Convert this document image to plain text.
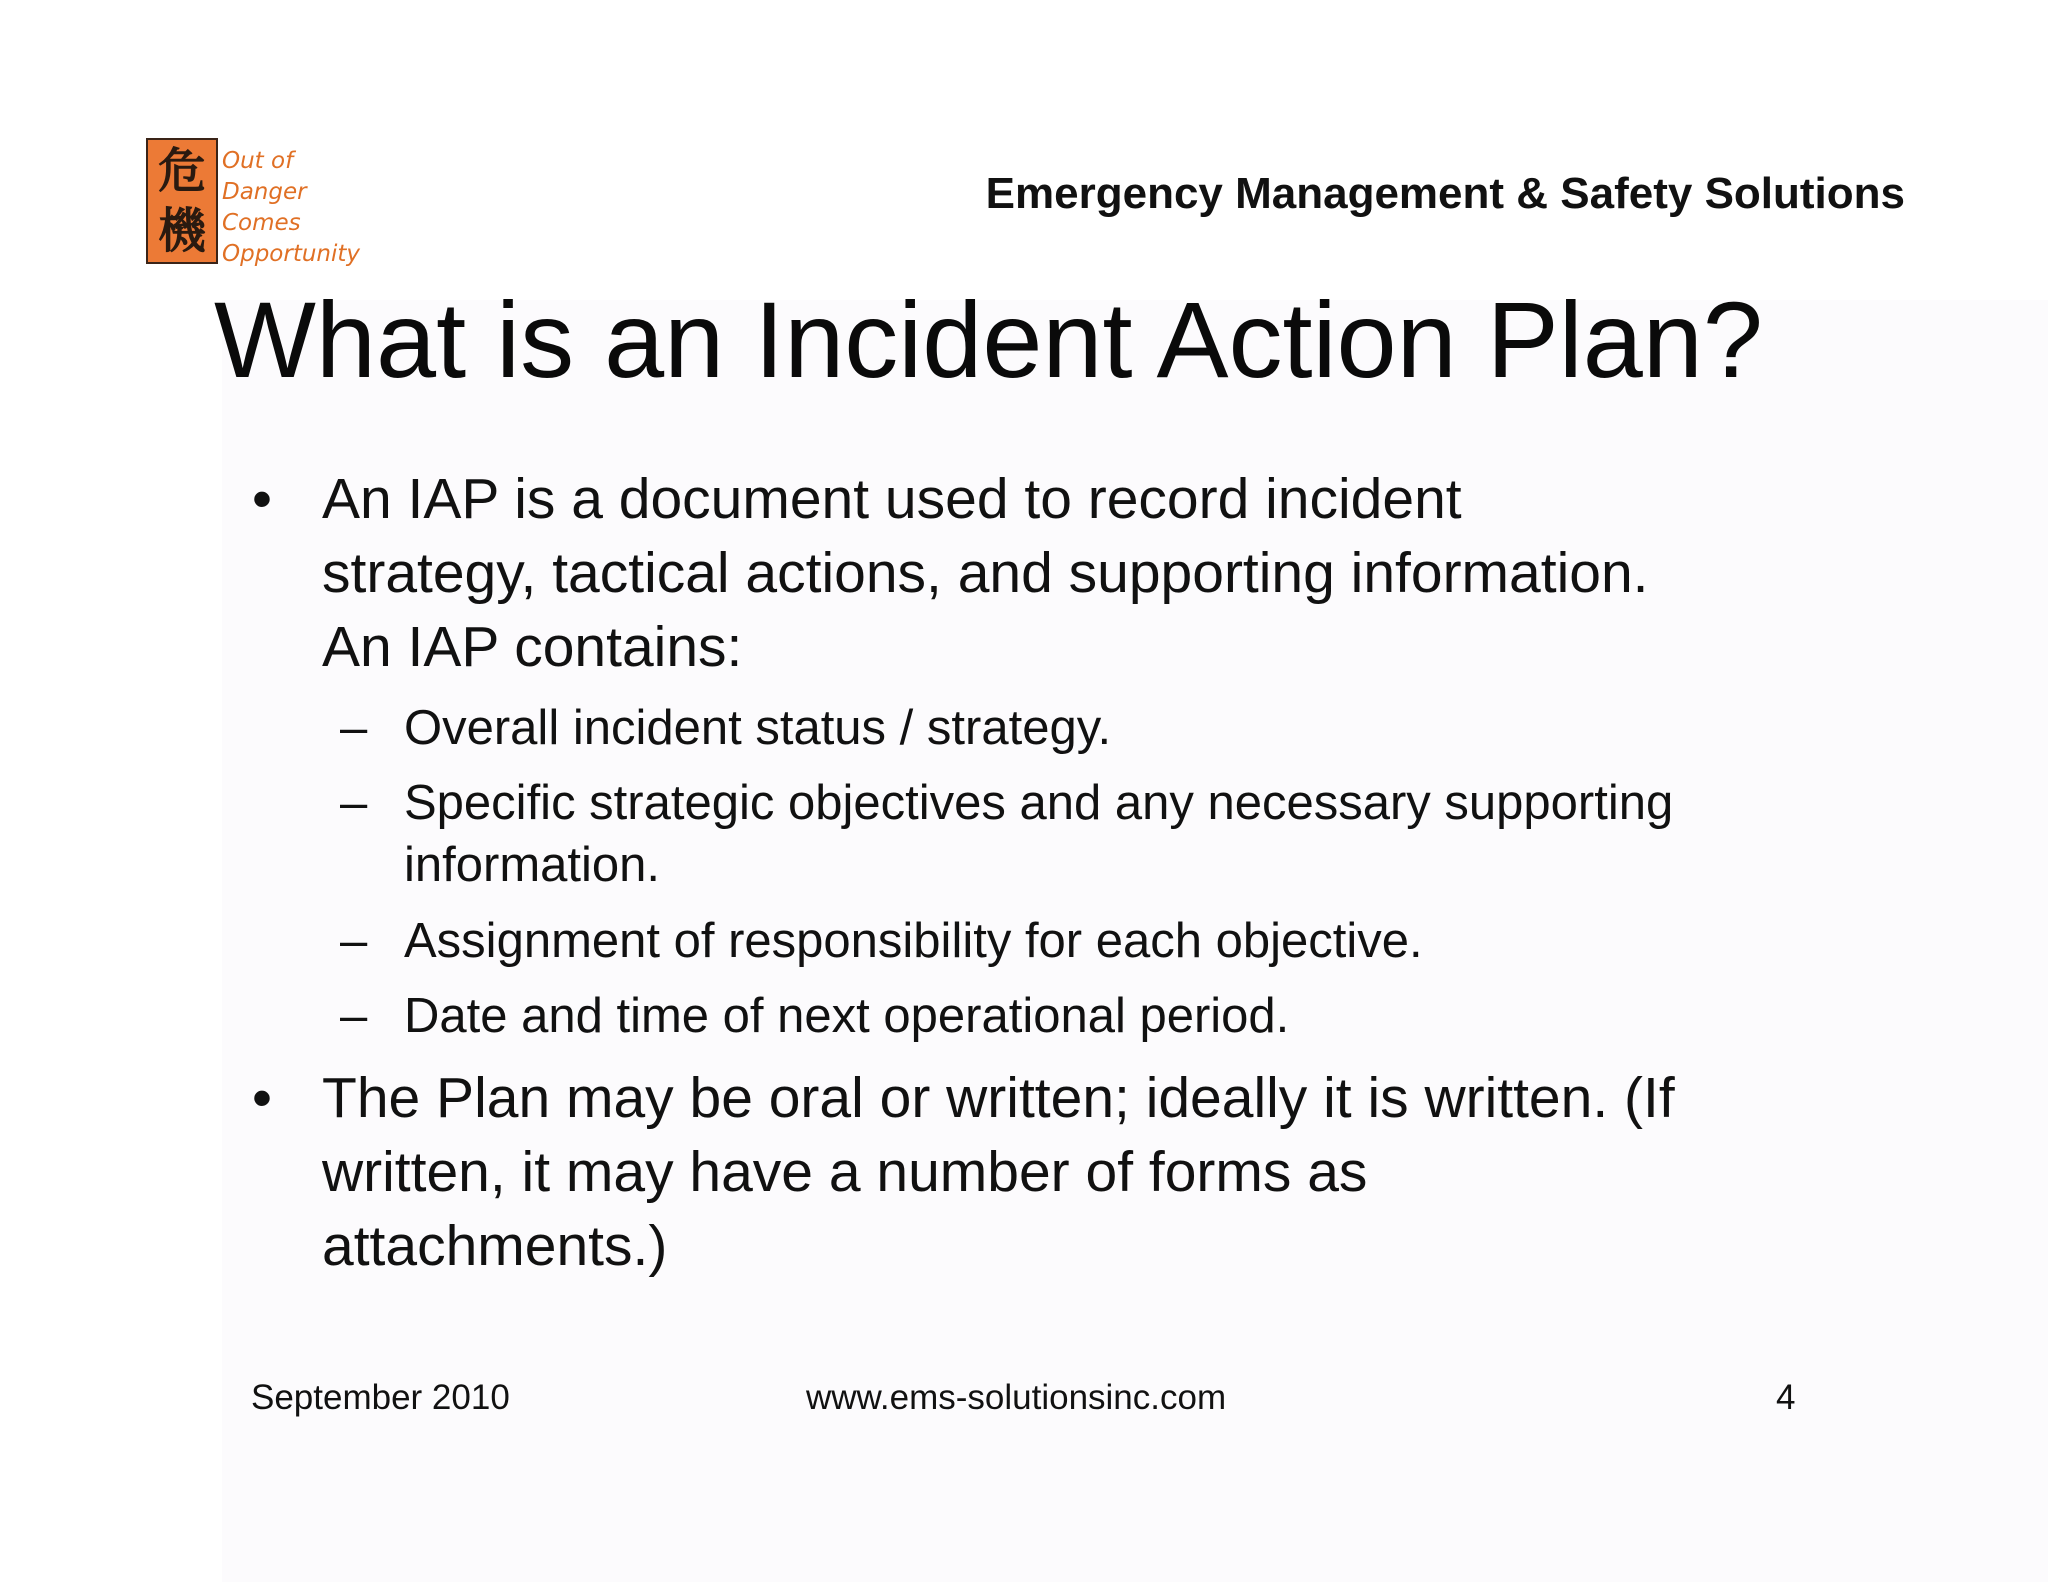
危
機
Out of
Danger
Comes
Opportunity
Emergency Management & Safety Solutions
What is an Incident Action Plan?
• An IAP is a document used to record incident
strategy, tactical actions, and supporting information.
An IAP contains:
– Overall incident status / strategy.
– Specific strategic objectives and any necessary supporting
information.
– Assignment of responsibility for each objective.
– Date and time of next operational period.
• The Plan may be oral or written; ideally it is written. (If
written, it may have a number of forms as
attachments.)
September 2010	www.ems-solutionsinc.com	4
